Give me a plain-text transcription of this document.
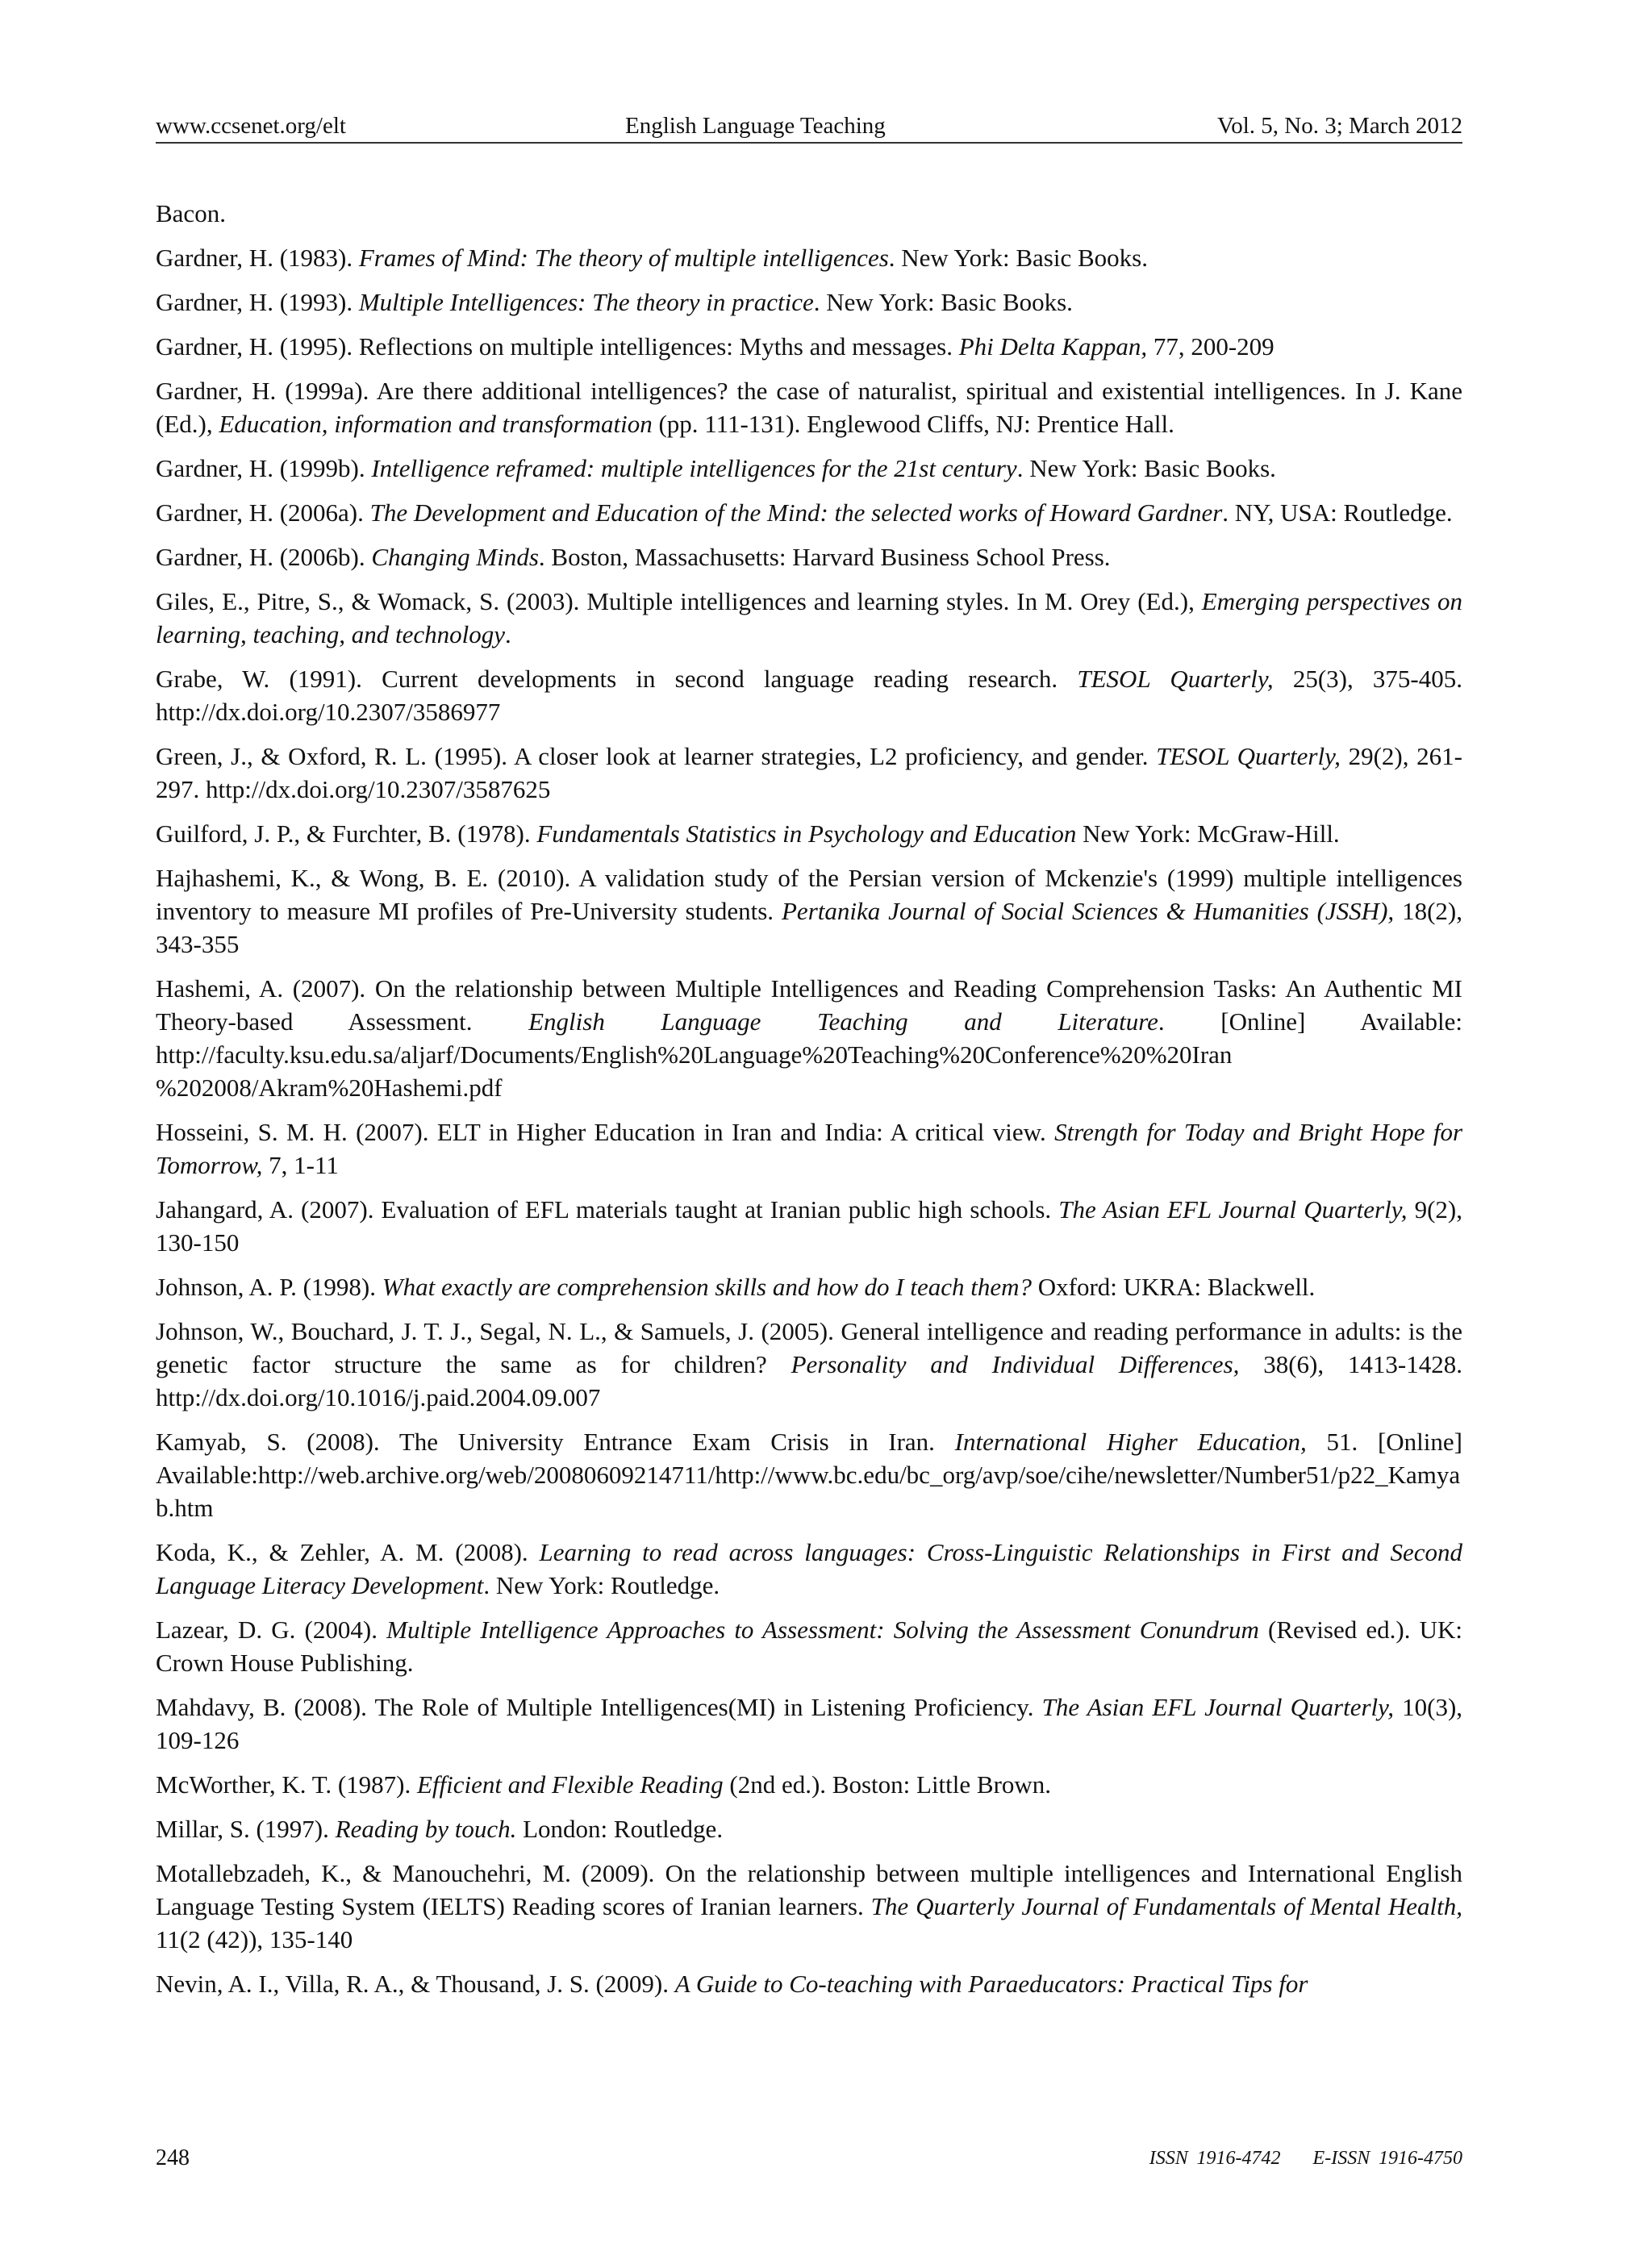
www.ccsenet.org/elt	English Language Teaching	Vol. 5, No. 3; March 2012

Bacon.

Gardner, H. (1983). Frames of Mind: The theory of multiple intelligences. New York: Basic Books.

Gardner, H. (1993). Multiple Intelligences: The theory in practice. New York: Basic Books.

Gardner, H. (1995). Reflections on multiple intelligences: Myths and messages. Phi Delta Kappan, 77, 200-209

Gardner, H. (1999a). Are there additional intelligences? the case of naturalist, spiritual and existential intelligences. In J. Kane (Ed.), Education, information and transformation (pp. 111-131). Englewood Cliffs, NJ: Prentice Hall.

Gardner, H. (1999b). Intelligence reframed: multiple intelligences for the 21st century. New York: Basic Books.

Gardner, H. (2006a). The Development and Education of the Mind: the selected works of Howard Gardner. NY, USA: Routledge.

Gardner, H. (2006b). Changing Minds. Boston, Massachusetts: Harvard Business School Press.

Giles, E., Pitre, S., & Womack, S. (2003). Multiple intelligences and learning styles. In M. Orey (Ed.), Emerging perspectives on learning, teaching, and technology.

Grabe, W. (1991). Current developments in second language reading research. TESOL Quarterly, 25(3), 375-405. http://dx.doi.org/10.2307/3586977

Green, J., & Oxford, R. L. (1995). A closer look at learner strategies, L2 proficiency, and gender. TESOL Quarterly, 29(2), 261-297. http://dx.doi.org/10.2307/3587625

Guilford, J. P., & Furchter, B. (1978). Fundamentals Statistics in Psychology and Education New York: McGraw-Hill.

Hajhashemi, K., & Wong, B. E. (2010). A validation study of the Persian version of Mckenzie's (1999) multiple intelligences inventory to measure MI profiles of Pre-University students. Pertanika Journal of Social Sciences & Humanities (JSSH), 18(2), 343-355

Hashemi, A. (2007). On the relationship between Multiple Intelligences and Reading Comprehension Tasks: An Authentic MI Theory-based Assessment. English Language Teaching and Literature. [Online] Available: http://faculty.ksu.edu.sa/aljarf/Documents/English%20Language%20Teaching%20Conference%20%20Iran %202008/Akram%20Hashemi.pdf

Hosseini, S. M. H. (2007). ELT in Higher Education in Iran and India: A critical view. Strength for Today and Bright Hope for Tomorrow, 7, 1-11

Jahangard, A. (2007). Evaluation of EFL materials taught at Iranian public high schools. The Asian EFL Journal Quarterly, 9(2), 130-150

Johnson, A. P. (1998). What exactly are comprehension skills and how do I teach them? Oxford: UKRA: Blackwell.

Johnson, W., Bouchard, J. T. J., Segal, N. L., & Samuels, J. (2005). General intelligence and reading performance in adults: is the genetic factor structure the same as for children? Personality and Individual Differences, 38(6), 1413-1428. http://dx.doi.org/10.1016/j.paid.2004.09.007

Kamyab, S. (2008). The University Entrance Exam Crisis in Iran. International Higher Education, 51. [Online] Available:http://web.archive.org/web/20080609214711/http://www.bc.edu/bc_org/avp/soe/cihe/newsletter/Number51/p22_Kamyab.htm

Koda, K., & Zehler, A. M. (2008). Learning to read across languages: Cross-Linguistic Relationships in First and Second Language Literacy Development. New York: Routledge.

Lazear, D. G. (2004). Multiple Intelligence Approaches to Assessment: Solving the Assessment Conundrum (Revised ed.). UK: Crown House Publishing.

Mahdavy, B. (2008). The Role of Multiple Intelligences(MI) in Listening Proficiency. The Asian EFL Journal Quarterly, 10(3), 109-126

McWorther, K. T. (1987). Efficient and Flexible Reading (2nd ed.). Boston: Little Brown.

Millar, S. (1997). Reading by touch. London: Routledge.

Motallebzadeh, K., & Manouchehri, M. (2009). On the relationship between multiple intelligences and International English Language Testing System (IELTS) Reading scores of Iranian learners. The Quarterly Journal of Fundamentals of Mental Health, 11(2 (42)), 135-140

Nevin, A. I., Villa, R. A., & Thousand, J. S. (2009). A Guide to Co-teaching with Paraeducators: Practical Tips for

248	ISSN 1916-4742 E-ISSN 1916-4750
